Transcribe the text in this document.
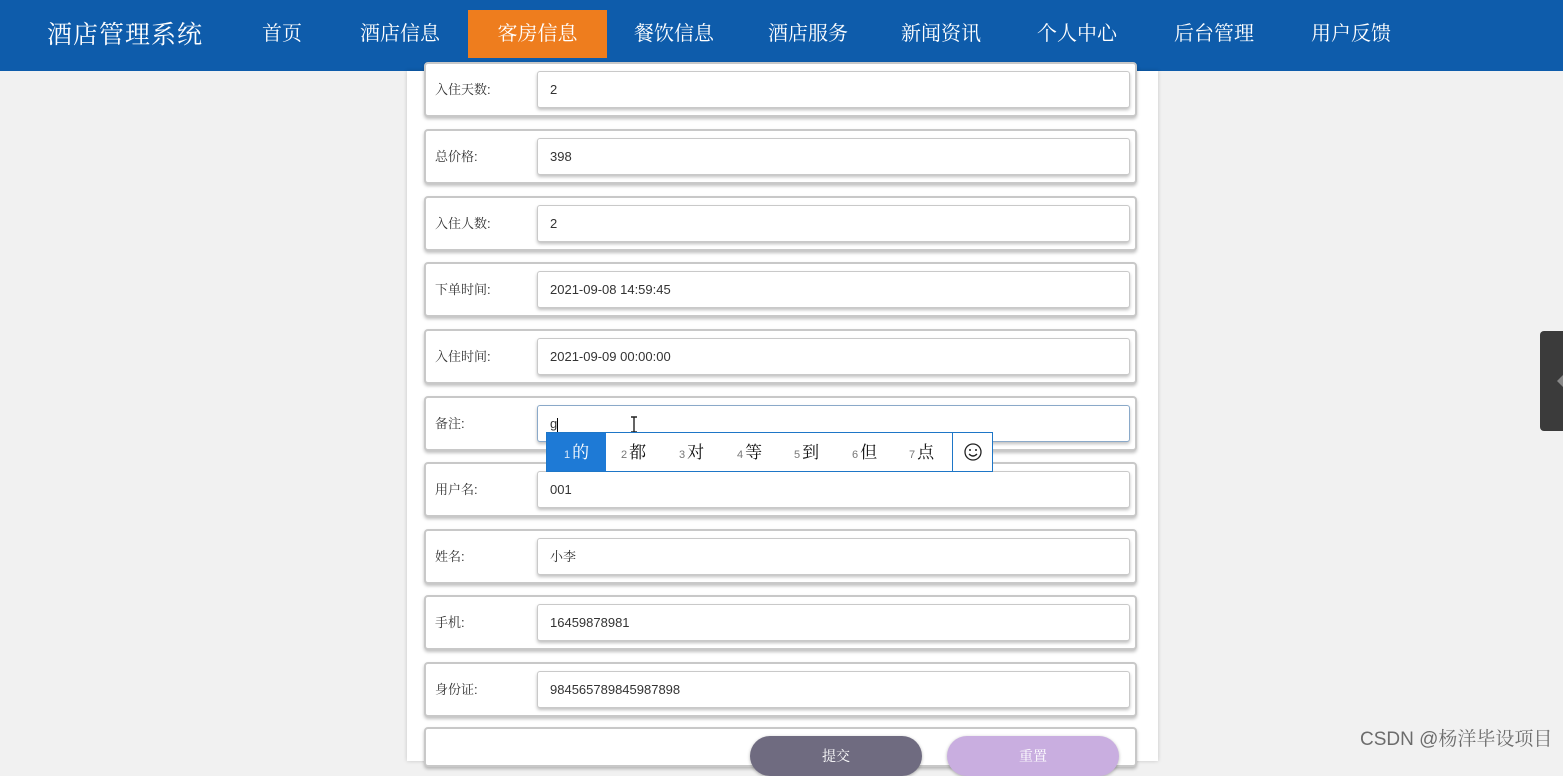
酒店管理系统	首页	酒店信息	客房信息	餐饮信息	酒店服务	新闻资讯	个人中心	后台管理	用户反馈
入住天数:	2
总价格:	398
入住人数:	2
下单时间:	2021-09-08 14:59:45
入住时间:	2021-09-09 00:00:00
备注:	g
用户名:	001
姓名:	小李
手机:	16459878981
身份证:	984565789845987898
提交	重置
1 的	2 都	3 对	4 等	5 到	6 但	7 点
CSDN @杨洋毕设项目
